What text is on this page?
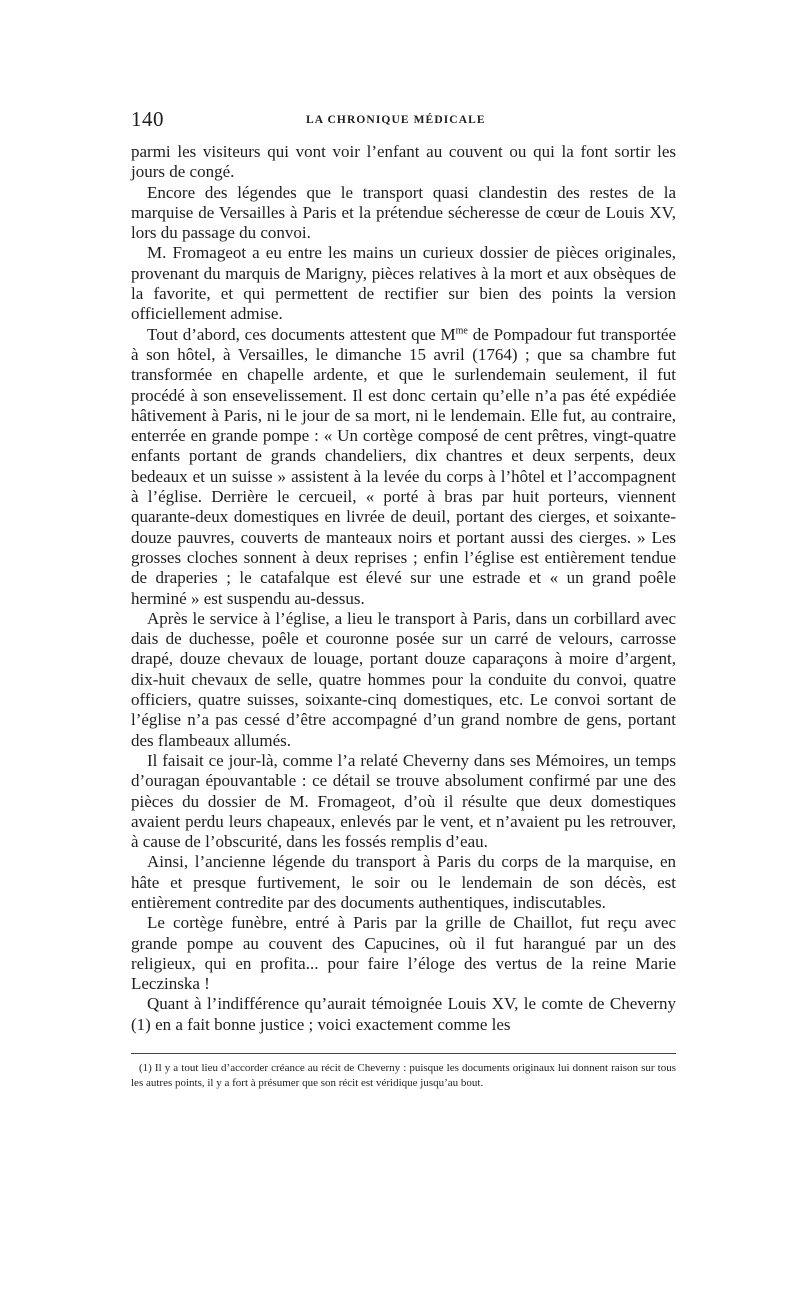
140	LA CHRONIQUE MÉDICALE

parmi les visiteurs qui vont voir l’enfant au couvent ou qui la font sortir les jours de congé.

Encore des légendes que le transport quasi clandestin des restes de la marquise de Versailles à Paris et la prétendue sécheresse de cœur de Louis XV, lors du passage du convoi.

M. Fromageot a eu entre les mains un curieux dossier de pièces originales, provenant du marquis de Marigny, pièces relatives à la mort et aux obsèques de la favorite, et qui permettent de rectifier sur bien des points la version officiellement admise.

Tout d’abord, ces documents attestent que $M^{me}$ de Pompadour fut transportée à son hôtel, à Versailles, le dimanche 15 avril (1764) ; que sa chambre fut transformée en chapelle ardente, et que le surlendemain seulement, il fut procédé à son ensevelissement. Il est donc certain qu’elle n’a pas été expédiée hâtivement à Paris, ni le jour de sa mort, ni le lendemain. Elle fut, au contraire, enterrée en grande pompe : « Un cortège composé de cent prêtres, vingt-quatre enfants portant de grands chandeliers, dix chantres et deux serpents, deux bedeaux et un suisse » assistent à la levée du corps à l’hôtel et l’accompagnent à l’église. Derrière le cercueil, « porté à bras par huit porteurs, viennent quarante-deux domestiques en livrée de deuil, portant des cierges, et soixante-douze pauvres, couverts de manteaux noirs et portant aussi des cierges. » Les grosses cloches sonnent à deux reprises ; enfin l’église est entièrement tendue de draperies ; le catafalque est élevé sur une estrade et « un grand poêle herminé » est suspendu au-dessus.

Après le service à l’église, a lieu le transport à Paris, dans un corbillard avec dais de duchesse, poêle et couronne posée sur un carré de velours, carrosse drapé, douze chevaux de louage, portant douze caparaçons à moire d’argent, dix-huit chevaux de selle, quatre hommes pour la conduite du convoi, quatre officiers, quatre suisses, soixante-cinq domestiques, etc. Le convoi sortant de l’église n’a pas cessé d’être accompagné d’un grand nombre de gens, portant des flambeaux allumés.

Il faisait ce jour-là, comme l’a relaté Cheverny dans ses Mémoires, un temps d’ouragan épouvantable : ce détail se trouve absolument confirmé par une des pièces du dossier de M. Fromageot, d’où il résulte que deux domestiques avaient perdu leurs chapeaux, enlevés par le vent, et n’avaient pu les retrouver, à cause de l’obscurité, dans les fossés remplis d’eau.

Ainsi, l’ancienne légende du transport à Paris du corps de la marquise, en hâte et presque furtivement, le soir ou le lendemain de son décès, est entièrement contredite par des documents authentiques, indiscutables.

Le cortège funèbre, entré à Paris par la grille de Chaillot, fut reçu avec grande pompe au couvent des Capucines, où il fut harangué par un des religieux, qui en profita... pour faire l’éloge des vertus de la reine Marie Leczinska !

Quant à l’indifférence qu’aurait témoignée Louis XV, le comte de Cheverny (1) en a fait bonne justice ; voici exactement comme les

(1) Il y a tout lieu d’accorder créance au récit de Cheverny : puisque les documents originaux lui donnent raison sur tous les autres points, il y a fort à présumer que son récit est véridique jusqu’au bout.
